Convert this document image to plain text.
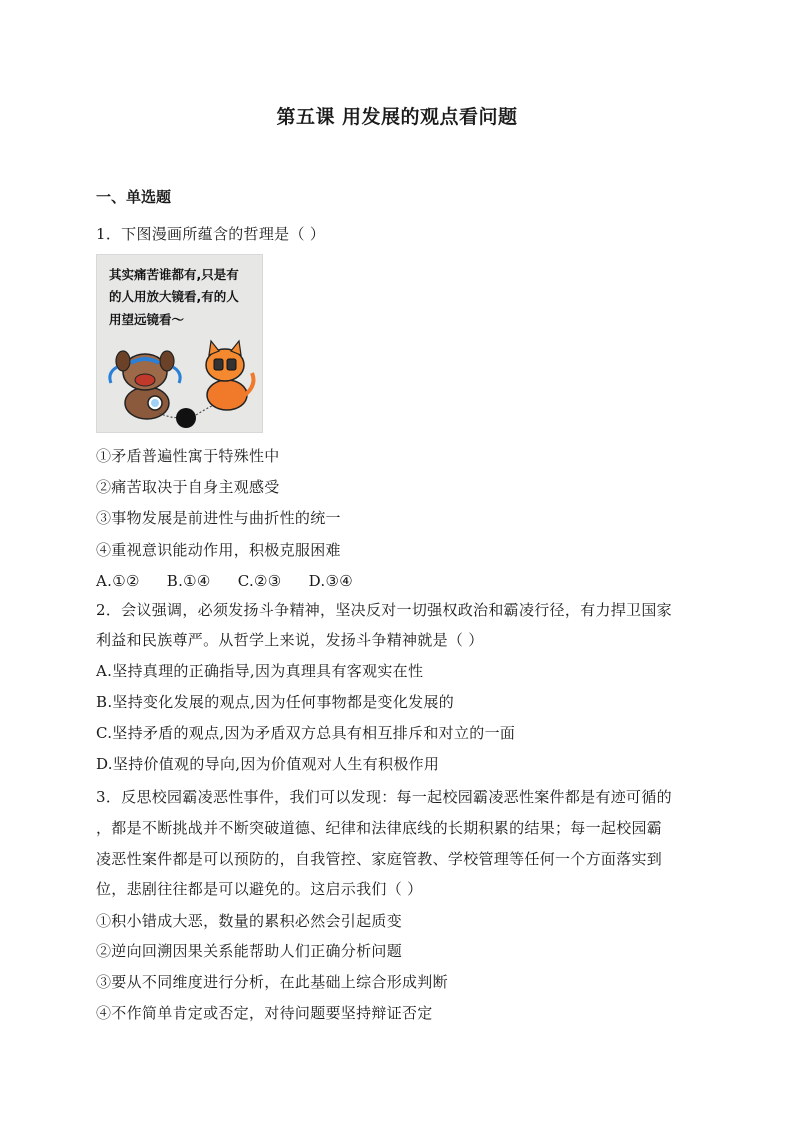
第五课 用发展的观点看问题
一、单选题
1．下图漫画所蕴含的哲理是（ ）
其实痛苦谁都有,只是有
的人用放大镜看,有的人
用望远镜看～
①矛盾普遍性寓于特殊性中
②痛苦取决于自身主观感受
③事物发展是前进性与曲折性的统一
④重视意识能动作用，积极克服困难
A.①② B.①④ C.②③ D.③④
2．会议强调，必须发扬斗争精神，坚决反对一切强权政治和霸凌行径，有力捍卫国家
利益和民族尊严。从哲学上来说，发扬斗争精神就是（ ）
A.坚持真理的正确指导,因为真理具有客观实在性
B.坚持变化发展的观点,因为任何事物都是变化发展的
C.坚持矛盾的观点,因为矛盾双方总具有相互排斥和对立的一面
D.坚持价值观的导向,因为价值观对人生有积极作用
3．反思校园霸凌恶性事件，我们可以发现：每一起校园霸凌恶性案件都是有迹可循的
，都是不断挑战并不断突破道德、纪律和法律底线的长期积累的结果；每一起校园霸
凌恶性案件都是可以预防的，自我管控、家庭管教、学校管理等任何一个方面落实到
位，悲剧往往都是可以避免的。这启示我们（ ）
①积小错成大恶，数量的累积必然会引起质变
②逆向回溯因果关系能帮助人们正确分析问题
③要从不同维度进行分析，在此基础上综合形成判断
④不作简单肯定或否定，对待问题要坚持辩证否定
